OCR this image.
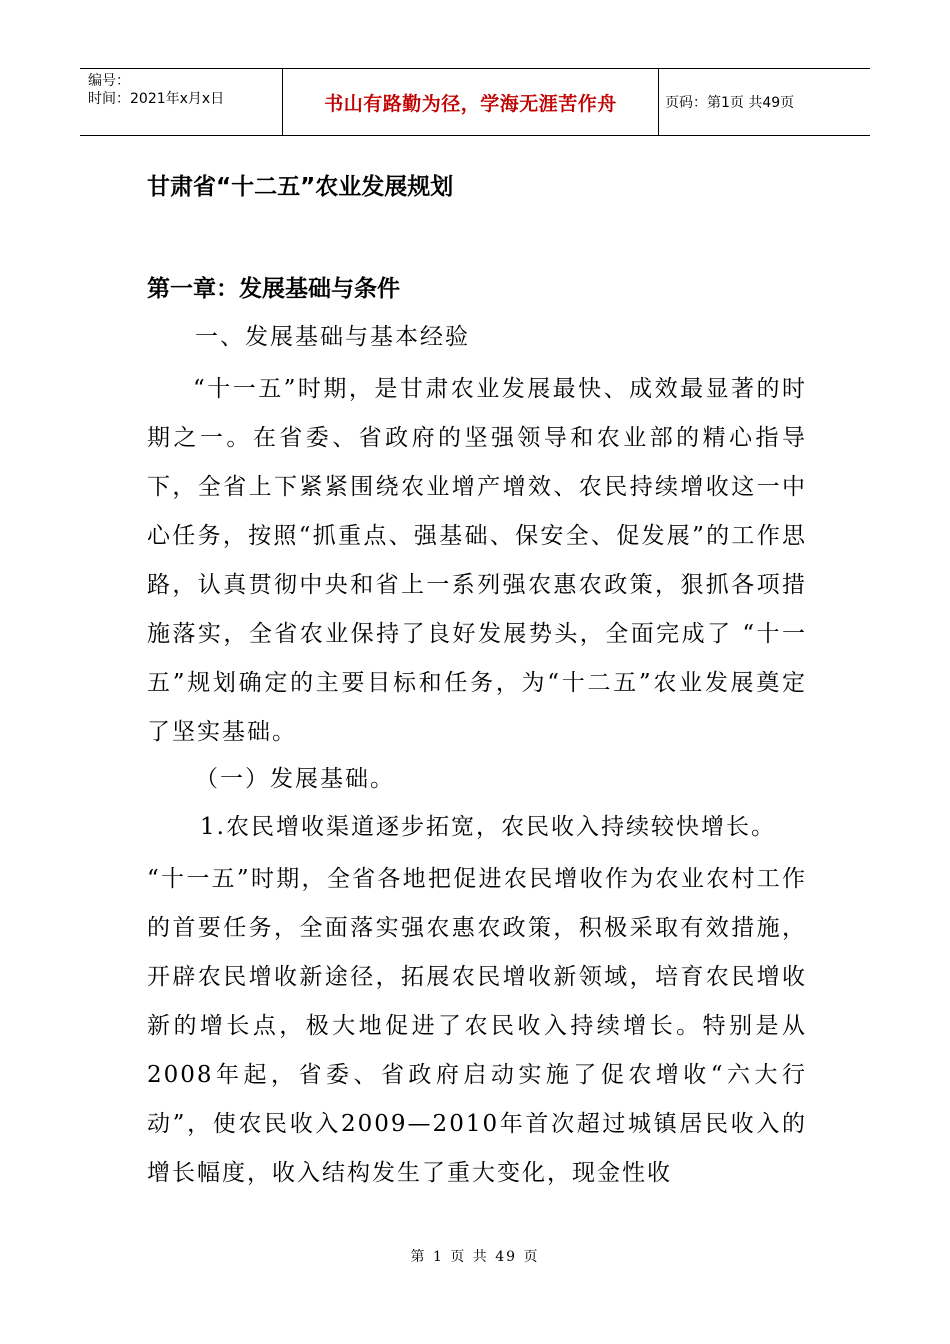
编号：
时间：2021年x月x日	书山有路勤为径，学海无涯苦作舟	页码：第1页 共49页
甘肃省“十二五”农业发展规划
第一章：发展基础与条件
一、发展基础与基本经验
“十一五”时期，是甘肃农业发展最快、成效最显著的时期之一。在省委、省政府的坚强领导和农业部的精心指导下，全省上下紧紧围绕农业增产增效、农民持续增收这一中心任务，按照“抓重点、强基础、保安全、促发展”的工作思路，认真贯彻中央和省上一系列强农惠农政策，狠抓各项措施落实，全省农业保持了良好发展势头，全面完成了 “十一五”规划确定的主要目标和任务，为“十二五”农业发展奠定了坚实基础。
（一）发展基础。
1.农民增收渠道逐步拓宽，农民收入持续较快增长。
“十一五”时期，全省各地把促进农民增收作为农业农村工作的首要任务，全面落实强农惠农政策，积极采取有效措施，开辟农民增收新途径，拓展农民增收新领域，培育农民增收新的增长点，极大地促进了农民收入持续增长。特别是从2008年起，省委、省政府启动实施了促农增收“六大行动”，使农民收入2009—2010年首次超过城镇居民收入的增长幅度，收入结构发生了重大变化，现金性收
第 1 页 共 49 页
